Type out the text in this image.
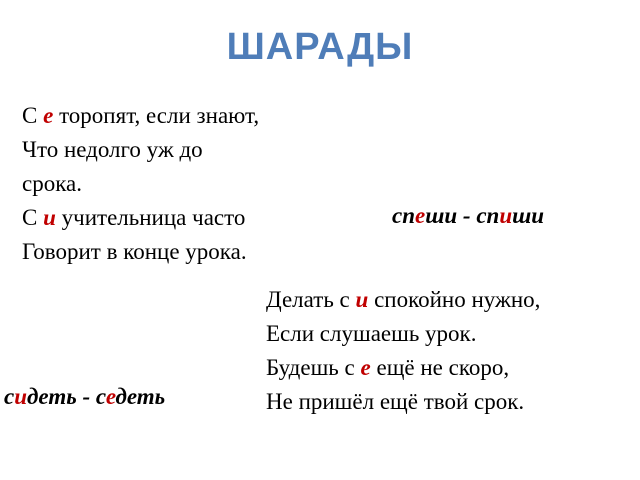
ШАРАДЫ
С е торопят, если знают,
Что недолго уж до
срока.
С и учительница часто
Говорит в конце урока.
спеши - спиши
Делать с и спокойно нужно,
Если слушаешь урок.
Будешь с е ещё не скоро,
Не пришёл ещё твой срок.
сидеть - седеть
